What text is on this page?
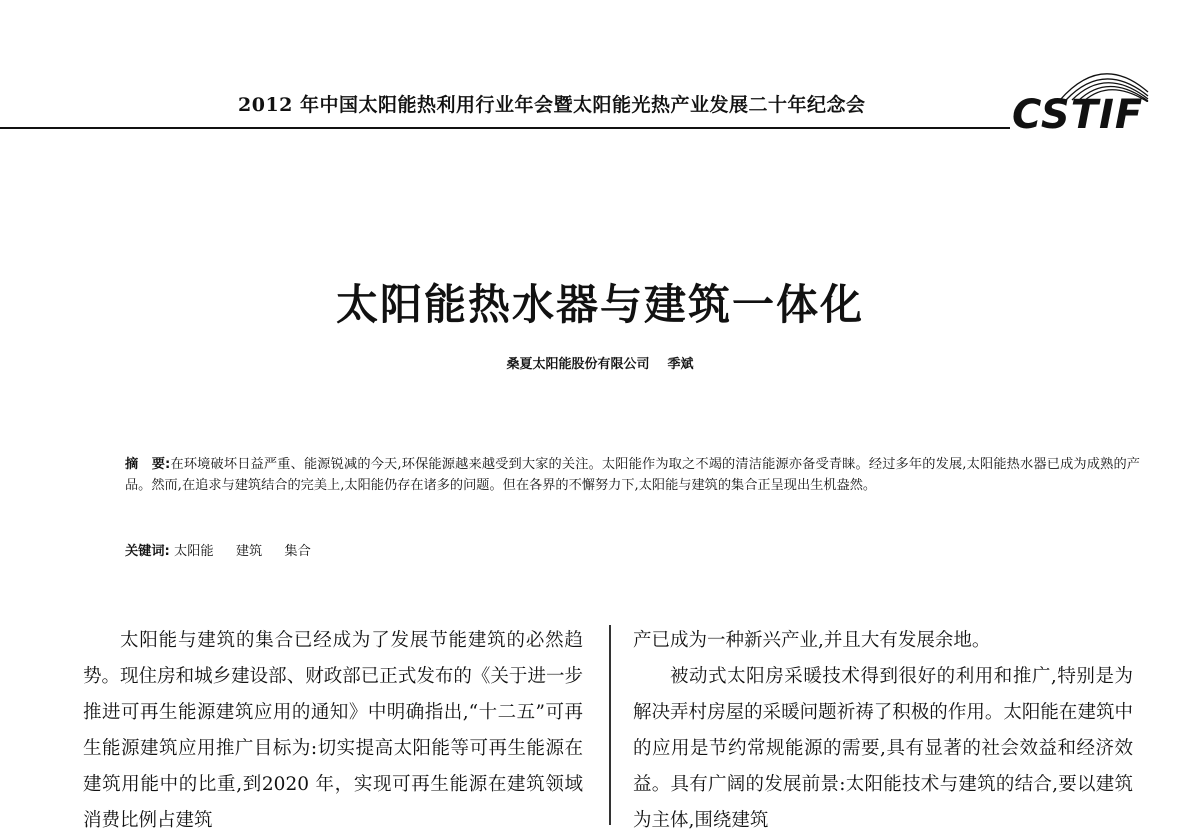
2012 年中国太阳能热利用行业年会暨太阳能光热产业发展二十年纪念会	CSTIF
太阳能热水器与建筑一体化
桑夏太阳能股份有限公司 季斌
摘　要:在环境破坏日益严重、能源锐减的今天,环保能源越来越受到大家的关注。太阳能作为取之不竭的清洁能源亦备受青睐。经过多年的发展,太阳能热水器已成为成熟的产品。然而,在追求与建筑结合的完美上,太阳能仍存在诸多的问题。但在各界的不懈努力下,太阳能与建筑的集合正呈现出生机盎然。
关键词: 太阳能 建筑 集合

太阳能与建筑的集合已经成为了发展节能建筑的必然趋势。现住房和城乡建设部、财政部已正式发布的《关于进一步推进可再生能源建筑应用的通知》中明确指出,“十二五”可再生能源建筑应用推广目标为:切实提高太阳能等可再生能源在建筑用能中的比重,到2020 年，实现可再生能源在建筑领域消费比例占建筑

产已成为一种新兴产业,并且大有发展余地。

被动式太阳房采暖技术得到很好的利用和推广,特别是为解决弄村房屋的采暖问题祈祷了积极的作用。太阳能在建筑中的应用是节约常规能源的需要,具有显著的社会效益和经济效益。具有广阔的发展前景:太阳能技术与建筑的结合,要以建筑为主体,围绕建筑
